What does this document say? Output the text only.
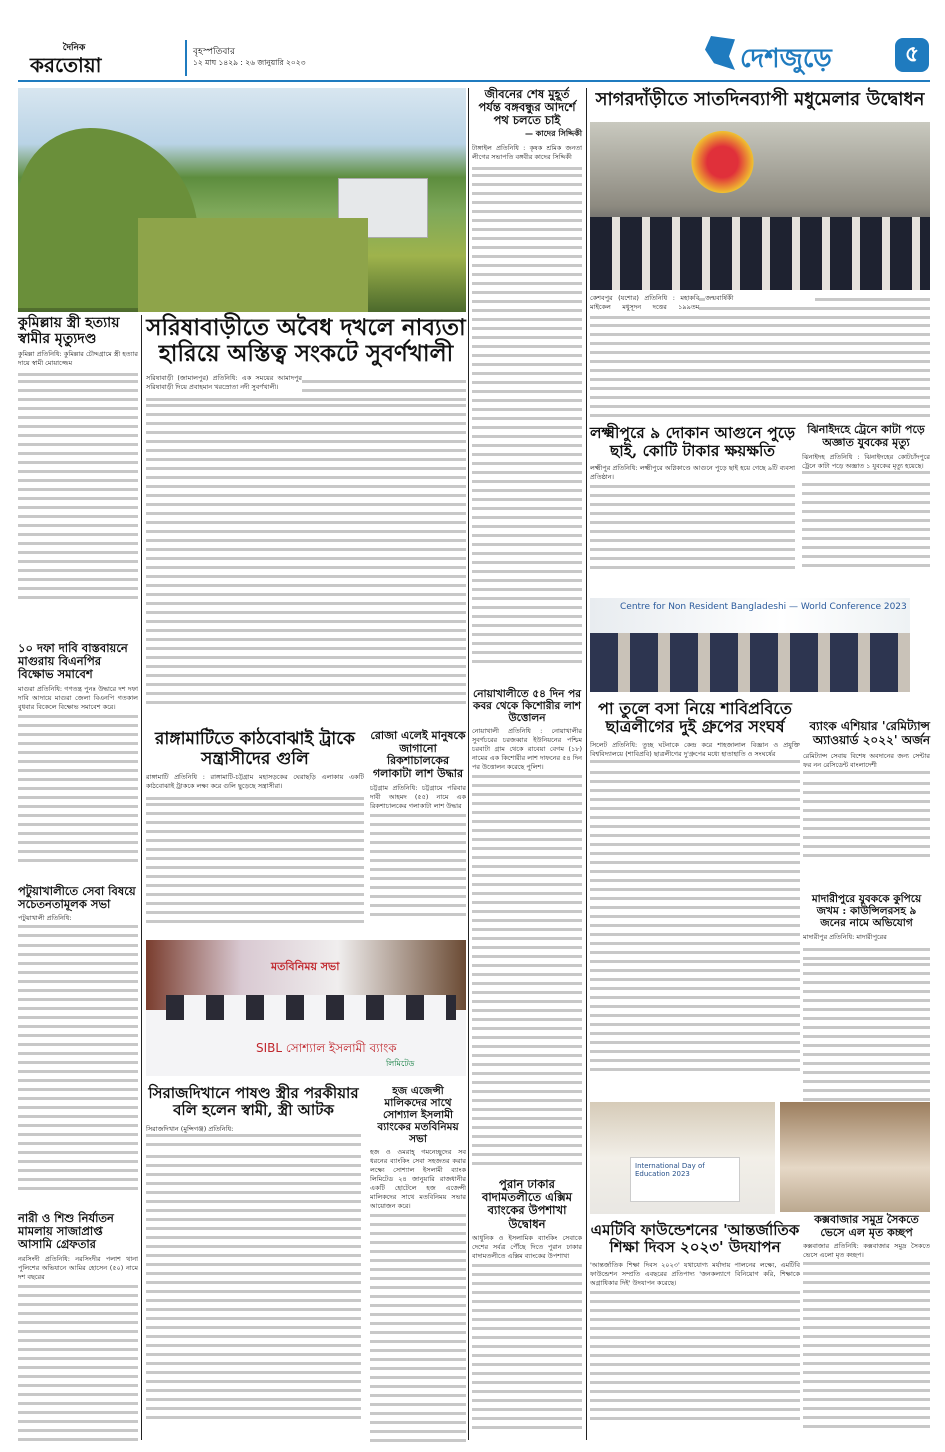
দৈনিক
করতোয়া
বৃহস্পতিবার
১২ মাঘ ১৪২৯ : ২৬ জানুয়ারি ২০২৩	দেশজুড়ে	৫
কুমিল্লায় স্ত্রী হত্যায় স্বামীর মৃত্যুদণ্ড
কুমিল্লা প্রতিনিধি: কুমিল্লার চৌদ্দগ্রামে স্ত্রী হত্যার দায়ে স্বামী মোয়াজ্জেম
১০ দফা দাবি বাস্তবায়নে মাগুরায় বিএনপির বিক্ষোভ সমাবেশ
মাগুরা প্রতিনিধি: গণতন্ত্র পুনঃ উদ্ধারে দশ দফা দাবি আদায়ে মাগুরা জেলা বিএনপি গতকাল বুধবার বিকেলে বিক্ষোভ সমাবেশ করে।
পটুয়াখালীতে সেবা বিষয়ে সচেতনতামূলক সভা
পটুয়াখালী প্রতিনিধি:
নারী ও শিশু নির্যাতন মামলায় সাজাপ্রাপ্ত আসামি গ্রেফতার
নরসিংদী প্রতিনিধি: নরসিংদীর পলাশ থানা পুলিশের অভিযানে আমির হোসেন (৫০) নামে দশ বছরের
সরিষাবাড়ীতে অবৈধ দখলে নাব্যতা হারিয়ে অস্তিত্ব সংকটে সুবর্ণখালী
সরিষাবাড়ী (জামালপুর) প্রতিনিধি: এক সময়ের আমাদপুর সরিষাবাড়ী দিয়ে প্রবাহমান খরস্রোতা নদী সুবর্ণখালী।
রাঙ্গামাটিতে কাঠবোঝাই ট্রাকে সন্ত্রাসীদের গুলি
রাঙ্গামাটি প্রতিনিধি : রাঙ্গামাটি-চট্টগ্রাম মহাসড়কের ঘেরাছড়ি এলাকায় একটি কাঠবোঝাই ট্রাককে লক্ষ্য করে গুলি ছুড়েছে সন্ত্রাসীরা।
রোজা এলেই মানুষকে জাগানো রিকশাচালকের গলাকাটা লাশ উদ্ধার
চট্টগ্রাম প্রতিনিধি: চট্টগ্রামে পরিবার দাবী আহমদ (৫৫) নামে এক রিকশাচালকের গলাকাটা লাশ উদ্ধার
মতবিনিময় সভা
SIBL সোশ্যাল ইসলামী ব্যাংক
লিমিটেড
সিরাজদিখানে পাষণ্ড স্ত্রীর পরকীয়ার বলি হলেন স্বামী, স্ত্রী আটক
সিরাজদিখান (মুন্সিগঞ্জ) প্রতিনিধি:
হজ এজেন্সী মালিকদের সাথে সোশ্যাল ইসলামী ব্যাংকের মতবিনিময় সভা
হজ ও ওমরাহ্ গমনেচ্ছুদের সব ধরনের ব্যাংকিং সেবা সহজতর করার লক্ষ্যে সোশ্যাল ইসলামী ব্যাংক লিমিটেড ২৪ জানুয়ারি রাজধানীর একটি হোটেলে হজ এজেন্সী মালিকদের সাথে মতবিনিময় সভার আয়োজন করে।
জীবনের শেষ মুহূর্ত পর্যন্ত বঙ্গবন্ধুর আদর্শে পথ চলতে চাই
— কাদের সিদ্দিকী
টাঙ্গাইল প্রতিনিধি : কৃষক শ্রমিক জনতা লীগের সভাপতি বঙ্গবীর কাদের সিদ্দিকী
নোয়াখালীতে ৫৪ দিন পর কবর থেকে কিশোরীর লাশ উত্তোলন
নোয়াখালী প্রতিনিধি : নোয়াখালীর সুবর্ণচরের চরজব্বার ইউনিয়নের পশ্চিম চরবাটা গ্রাম থেকে রাবেয়া বেগম (১৮) নামের এক কিশোরীর লাশ দাফনের ৫৪ দিন পর উত্তোলন করেছে পুলিশ।
পুরান ঢাকার বাদামতলীতে এক্সিম ব্যাংকের উপশাখা উদ্বোধন
আধুনিক ও ইসলামিক ব্যাংকিং সেবাকে দেশের সর্বত্র পৌঁছে দিতে পুরান ঢাকার বাদামতলীতে এক্সিম ব্যাংকের উপশাখা
সাগরদাঁড়ীতে সাতদিনব্যাপী মধুমেলার উদ্বোধন
কেশবপুর (যশোর) প্রতিনিধি : মহাকবি মাইকেল মধুসূদন দত্তের ১৯৯তম জন্মবার্ষিকী
লক্ষ্মীপুরে ৯ দোকান আগুনে পুড়ে ছাই, কোটি টাকার ক্ষয়ক্ষতি
লক্ষ্মীপুর প্রতিনিধি: লক্ষ্মীপুরে অগ্নিকাণ্ডে আগুনে পুড়ে ছাই হয়ে গেছে ৯টি ব্যবসা প্রতিষ্ঠান।
ঝিনাইদহে ট্রেনে কাটা পড়ে অজ্ঞাত যুবকের মৃত্যু
ঝিনাইদহ প্রতিনিধি : ঝিনাইদহের কোটচাঁদপুরে ট্রেনে কাটা পড়ে অজ্ঞাত ১ যুবকের মৃত্যু হয়েছে।
Centre for Non Resident Bangladeshi — World Conference 2023
পা তুলে বসা নিয়ে শাবিপ্রবিতে ছাত্রলীগের দুই গ্রুপের সংঘর্ষ
সিলেট প্রতিনিধি: তুচ্ছ ঘটনাকে কেন্দ্র করে শাহজালাল বিজ্ঞান ও প্রযুক্তি বিশ্ববিদ্যালয়ে (শাবিপ্রবি) ছাত্রলীগের দু'গ্রুপের মধ্যে হাতাহাতি ও সংঘর্ষের
ব্যাংক এশিয়ার 'রেমিট্যান্স অ্যাওয়ার্ড ২০২২' অর্জন
রেমিট্যান্স সেবায় বিশেষ অবদানের জন্য সেন্টার ফর নন রেসিডেন্ট বাংলাদেশী
মাদারীপুরে যুবককে কুপিয়ে জখম : কাউন্সিলরসহ ৯ জনের নামে অভিযোগ
মাদারীপুর প্রতিনিধি: মাদারীপুরের
International Day of Education 2023
এমটিবি ফাউন্ডেশনের 'আন্তর্জাতিক শিক্ষা দিবস ২০২৩' উদযাপন
'আন্তর্জাতিক শিক্ষা দিবস ২০২৩' যথাযোগ্য মর্যাদায় পালনের লক্ষ্যে, এমটিবি ফাউন্ডেশন সম্প্রতি এবছরের প্রতিপাদ্য 'জনকল্যাণে বিনিয়োগ করি, শিক্ষাকে অগ্রাধিকার দিই' উদযাপন করেছে।
কক্সবাজার সমুদ্র সৈকতে ভেসে এল মৃত কচ্ছপ
কক্সবাজার প্রতিনিধি: কক্সবাজার সমুদ্র সৈকতে ভেসে এলো মৃত কচ্ছপ।
